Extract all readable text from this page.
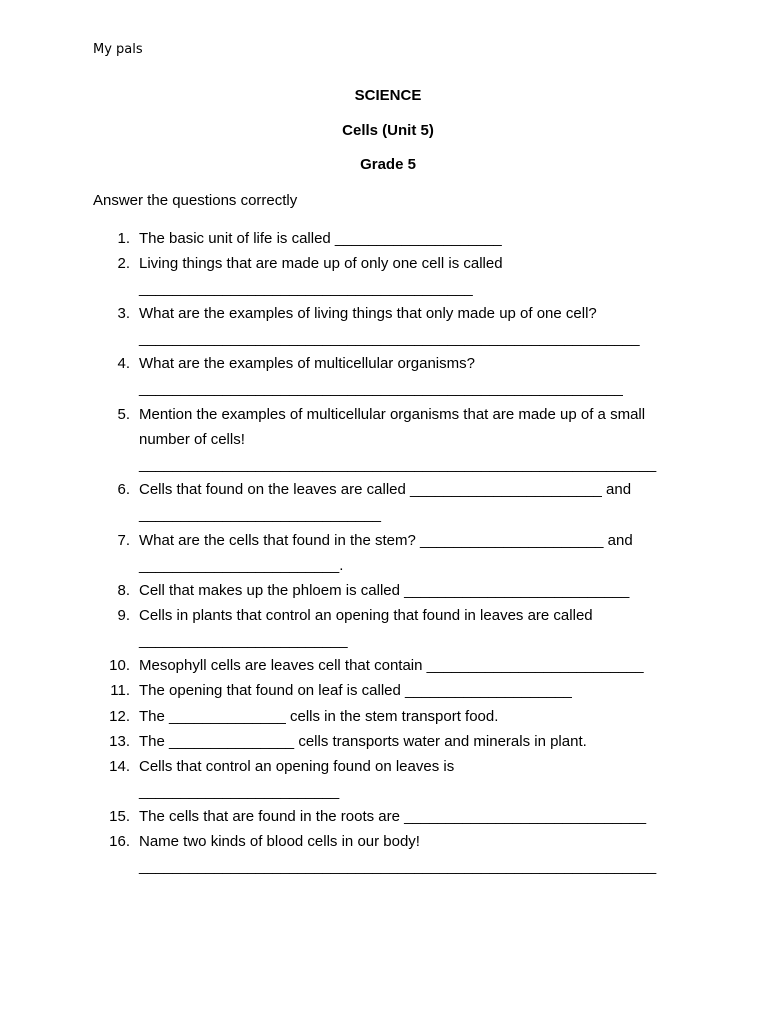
My pals
SCIENCE
Cells (Unit 5)
Grade 5
Answer the questions correctly
1. The basic unit of life is called ____________________
2. Living things that are made up of only one cell is called
________________________________________
3. What are the examples of living things that only made up of one cell?
____________________________________________________________
4. What are the examples of multicellular organisms?
__________________________________________________________
5. Mention the examples of multicellular organisms that are made up of a small number of cells!
______________________________________________________________
6. Cells that found on the leaves are called _______________________ and
_____________________________
7. What are the cells that found in the stem? ______________________ and
________________________.
8. Cell that makes up the phloem is called ___________________________
9. Cells in plants that control an opening that found in leaves are called
_________________________
10. Mesophyll cells are leaves cell that contain __________________________
11. The opening that found on leaf is called ____________________
12. The ______________ cells in the stem transport food.
13. The _______________ cells transports water and minerals in plant.
14. Cells that control an opening found on leaves is
________________________
15. The cells that are found in the roots are _____________________________
16. Name two kinds of blood cells in our body!
______________________________________________________________
